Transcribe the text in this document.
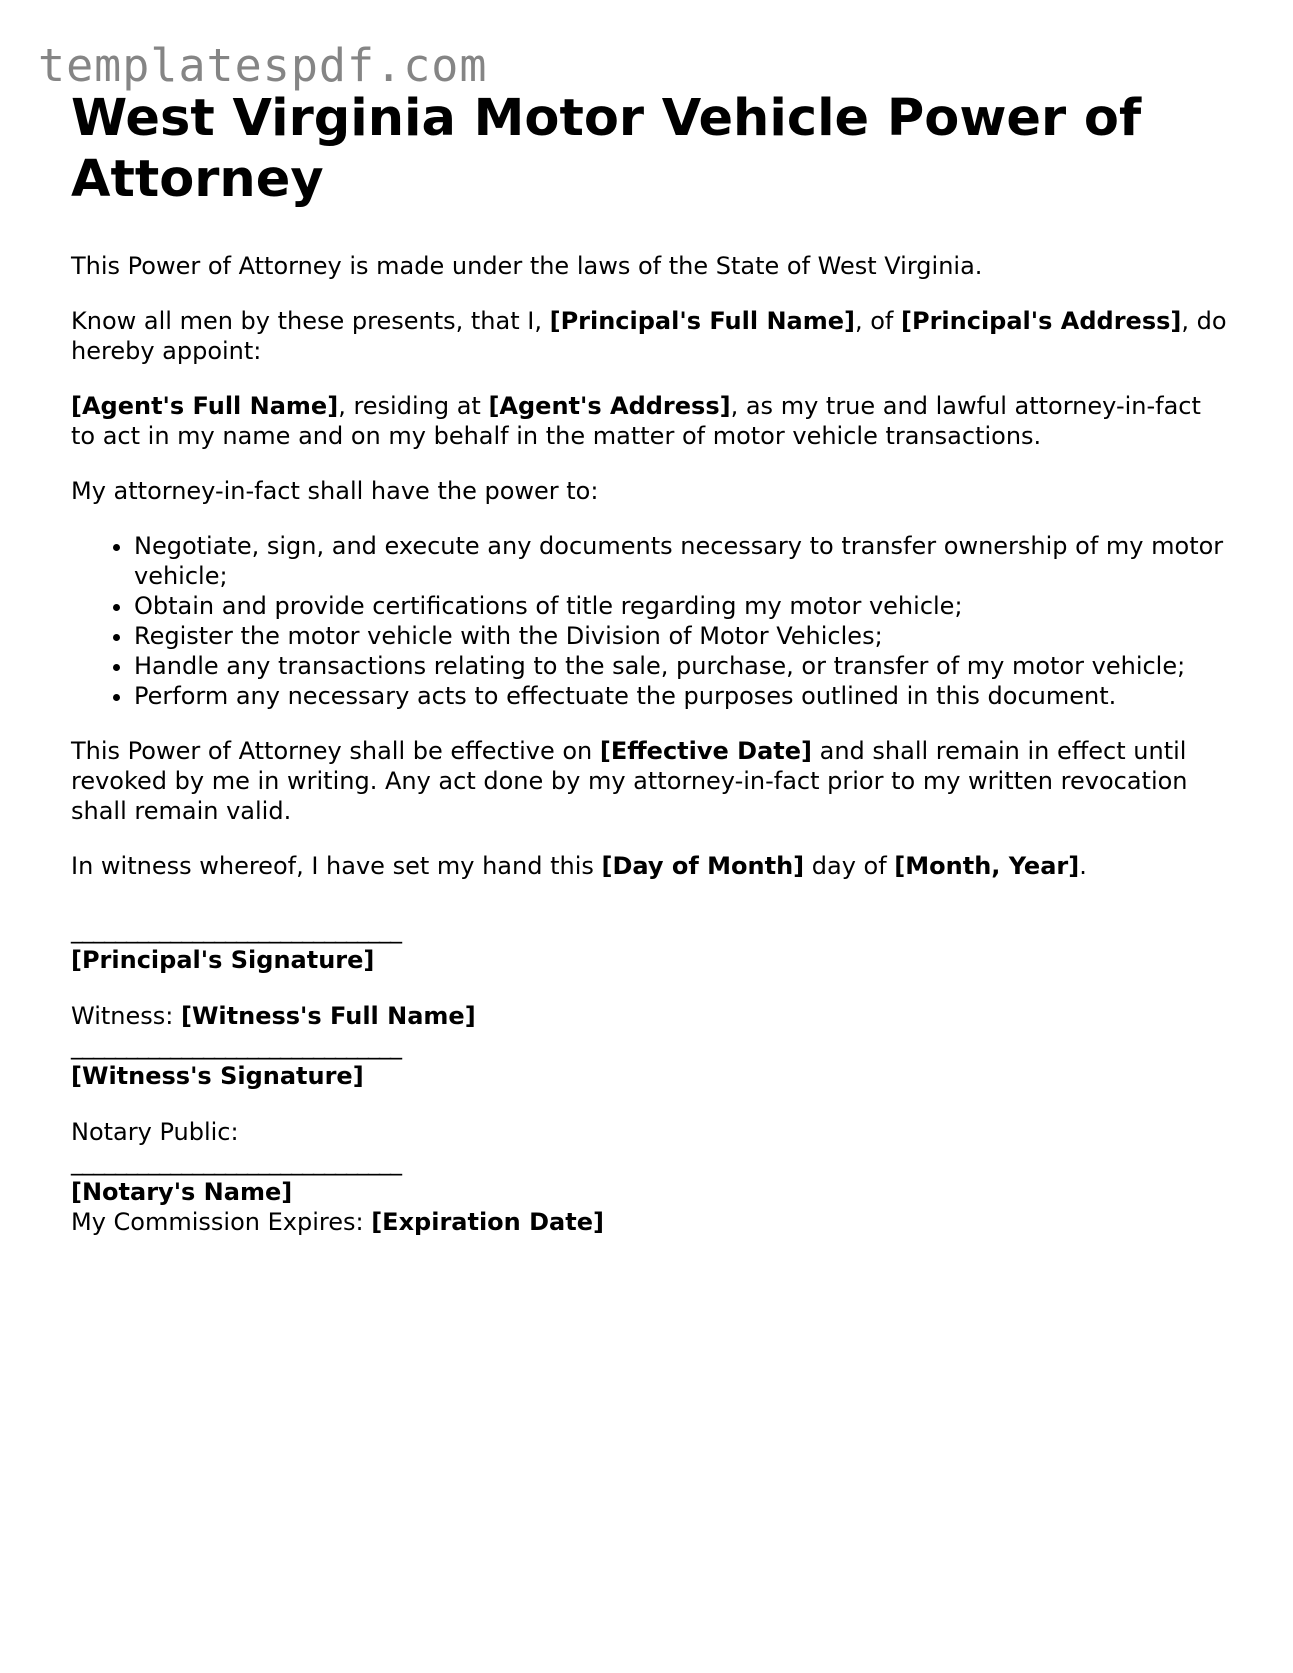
templatespdf.com
West Virginia Motor Vehicle Power of Attorney

This Power of Attorney is made under the laws of the State of West Virginia.

Know all men by these presents, that I, [Principal's Full Name], of [Principal's Address], do hereby appoint:

[Agent's Full Name], residing at [Agent's Address], as my true and lawful attorney-in-fact to act in my name and on my behalf in the matter of motor vehicle transactions.

My attorney-in-fact shall have the power to:

• Negotiate, sign, and execute any documents necessary to transfer ownership of my motor vehicle;
• Obtain and provide certifications of title regarding my motor vehicle;
• Register the motor vehicle with the Division of Motor Vehicles;
• Handle any transactions relating to the sale, purchase, or transfer of my motor vehicle;
• Perform any necessary acts to effectuate the purposes outlined in this document.

This Power of Attorney shall be effective on [Effective Date] and shall remain in effect until revoked by me in writing. Any act done by my attorney-in-fact prior to my written revocation shall remain valid.

In witness whereof, I have set my hand this [Day of Month] day of [Month, Year].

______________________________

[Principal's Signature]

Witness: [Witness's Full Name]

______________________________

[Witness's Signature]

Notary Public:

______________________________

[Notary's Name]

My Commission Expires: [Expiration Date]
